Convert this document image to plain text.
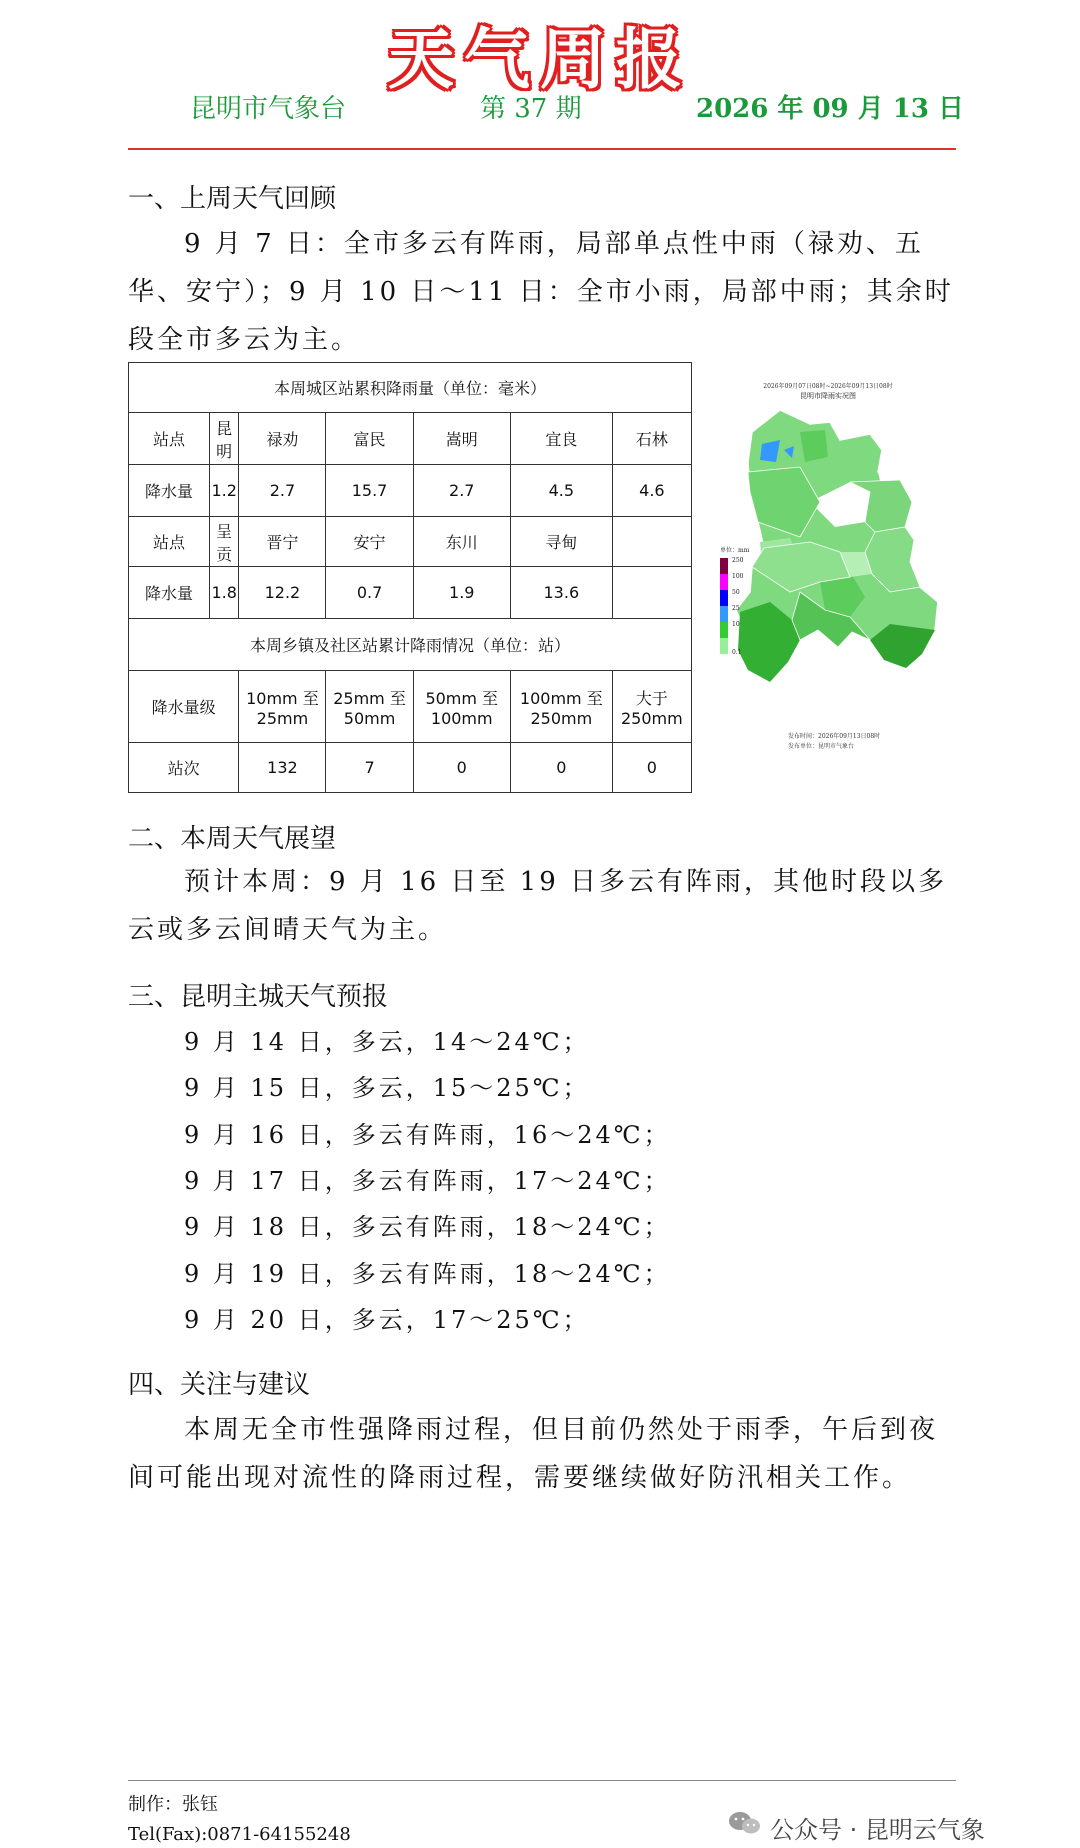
天气周报
昆明市气象台	第 37 期	2026 年 09 月 13 日
一、上周天气回顾
9 月 7 日：全市多云有阵雨，局部单点性中雨（禄劝、五华、安宁）；9 月 10 日～11 日：全市小雨，局部中雨；其余时段全市多云为主。
本周城区站累积降雨量（单位：毫米）						
站点	昆明	禄劝	富民	嵩明	宜良	石林
降水量	1.2	2.7	15.7	2.7	4.5	4.6
站点	呈贡	晋宁	安宁	东川	寻甸	
降水量	1.8	12.2	0.7	1.9	13.6	
本周乡镇及社区站累计降雨情况（单位：站）						
降水量级		10mm 至 25mm	25mm 至 50mm	50mm 至 100mm	100mm 至 250mm	大于 250mm
站次		132	7	0	0	0
2026年09月07日08时~2026年09月13日08时
昆明市降雨实况图
单位：mm
250
100
50
25
10
0.1
发布时间：2026年09月13日08时
发布单位：昆明市气象台
二、本周天气展望
预计本周：9 月 16 日至 19 日多云有阵雨，其他时段以多云或多云间晴天气为主。
三、昆明主城天气预报
9 月 14 日，多云，14～24℃；
9 月 15 日，多云，15～25℃；
9 月 16 日，多云有阵雨，16～24℃；
9 月 17 日，多云有阵雨，17～24℃；
9 月 18 日，多云有阵雨，18～24℃；
9 月 19 日，多云有阵雨，18～24℃；
9 月 20 日，多云，17～25℃；
四、关注与建议
本周无全市性强降雨过程，但目前仍然处于雨季，午后到夜间可能出现对流性的降雨过程，需要继续做好防汛相关工作。
制作：张钰
Tel(Fax):0871-64155248	公众号 · 昆明云气象
